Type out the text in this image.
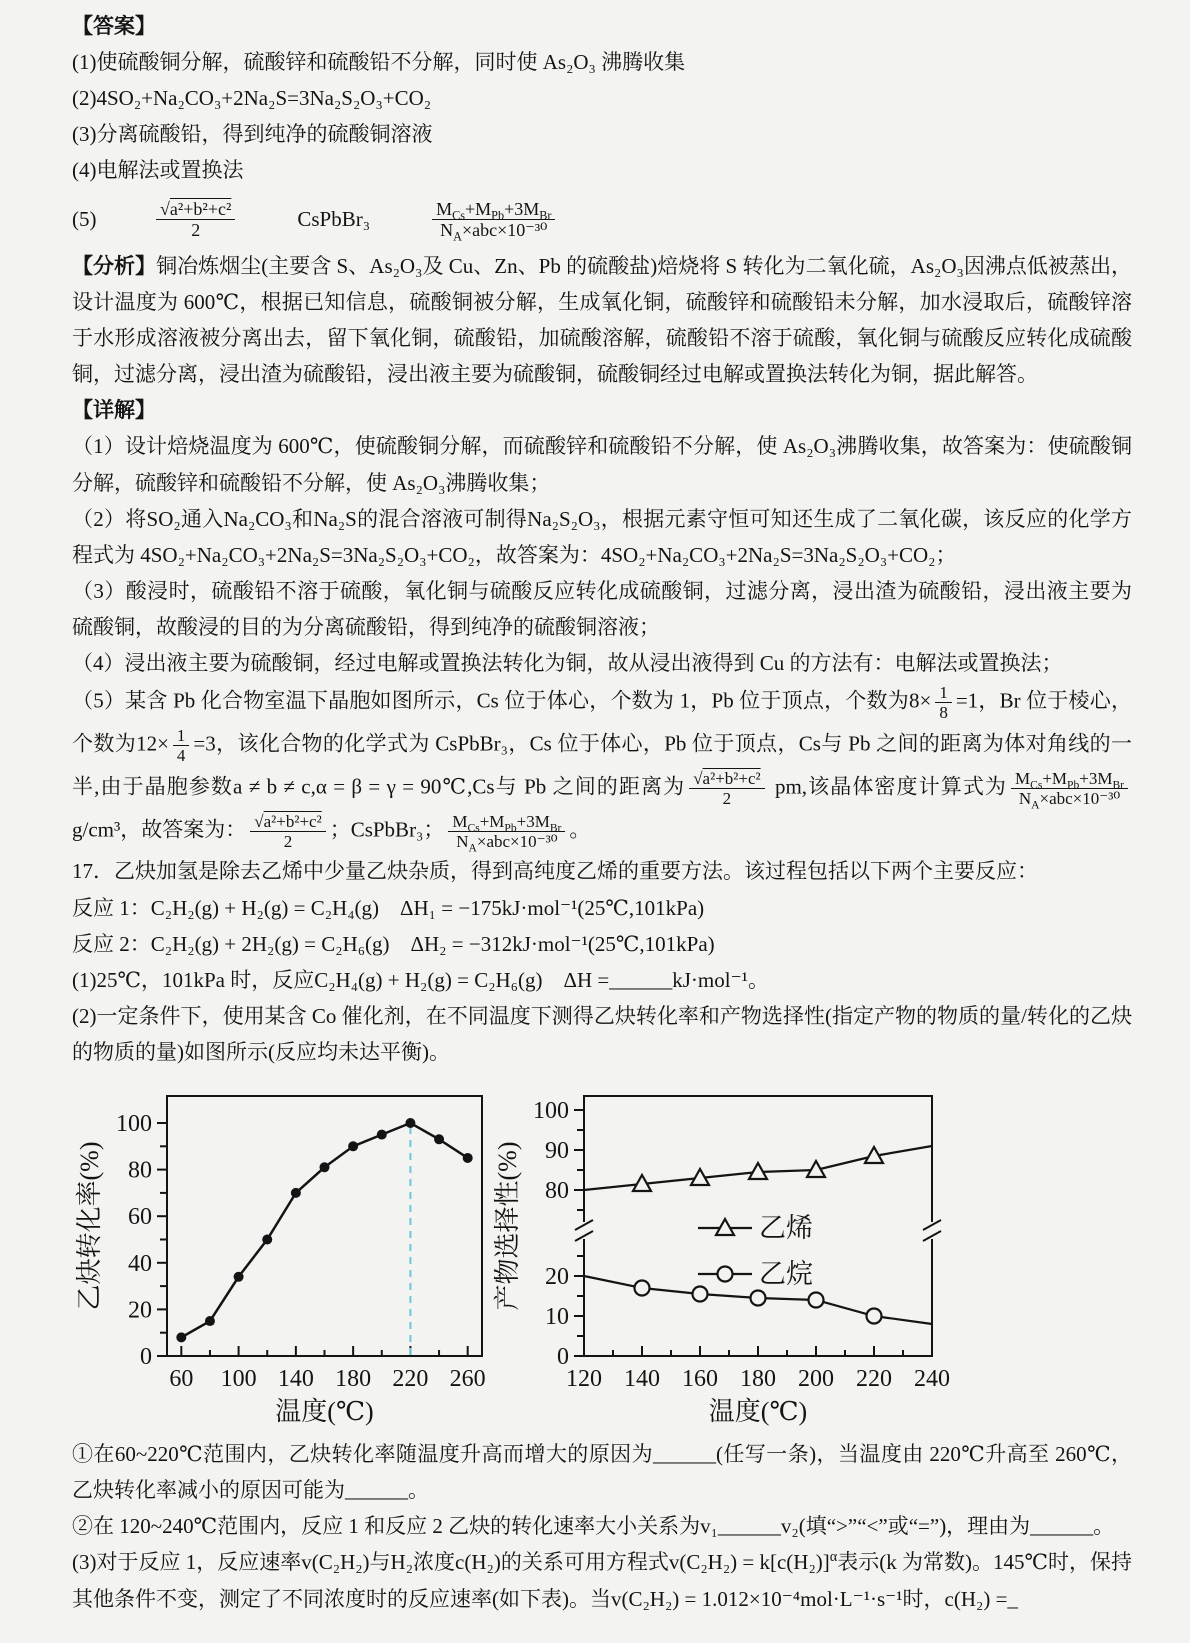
【答案】

(1)使硫酸铜分解，硫酸锌和硫酸铅不分解，同时使 As₂O₃ 沸腾收集

(2)4SO₂+Na₂CO₃+2Na₂S=3Na₂S₂O₃+CO₂

(3)分离硫酸铅，得到纯净的硫酸铜溶液

(4)电解法或置换法

(5)	$\frac{\text{√a²+b²+c²}}{2}$	CsPbBr₃	$\frac{M_{Cs}+M_{Pb}+3M_{Br}}{N_A\times abc\times 10^{-30}}$

【分析】铜冶炼烟尘(主要含 S、As₂O₃及 Cu、Zn、Pb 的硫酸盐)焙烧将 S 转化为二氧化硫，As₂O₃因沸点低被蒸出，设计温度为 600℃，根据已知信息，硫酸铜被分解，生成氧化铜，硫酸锌和硫酸铅未分解，加水浸取后，硫酸锌溶于水形成溶液被分离出去，留下氧化铜，硫酸铅，加硫酸溶解，硫酸铅不溶于硫酸，氧化铜与硫酸反应转化成硫酸铜，过滤分离，浸出渣为硫酸铅，浸出液主要为硫酸铜，硫酸铜经过电解或置换法转化为铜，据此解答。

【详解】

（1）设计焙烧温度为 600℃，使硫酸铜分解，而硫酸锌和硫酸铅不分解，使 As₂O₃沸腾收集，故答案为：使硫酸铜分解，硫酸锌和硫酸铅不分解，使 As₂O₃沸腾收集；

（2）将SO₂通入Na₂CO₃和Na₂S的混合溶液可制得Na₂S₂O₃，根据元素守恒可知还生成了二氧化碳，该反应的化学方程式为 4SO₂+Na₂CO₃+2Na₂S=3Na₂S₂O₃+CO₂，故答案为：4SO₂+Na₂CO₃+2Na₂S=3Na₂S₂O₃+CO₂；

（3）酸浸时，硫酸铅不溶于硫酸，氧化铜与硫酸反应转化成硫酸铜，过滤分离，浸出渣为硫酸铅，浸出液主要为硫酸铜，故酸浸的目的为分离硫酸铅，得到纯净的硫酸铜溶液；

（4）浸出液主要为硫酸铜，经过电解或置换法转化为铜，故从浸出液得到 Cu 的方法有：电解法或置换法；

（5）某含 Pb 化合物室温下晶胞如图所示，Cs 位于体心，个数为 1，Pb 位于顶点，个数为$8\times \frac{1}{8} =1$，Br 位于棱心，个数为$12\times \frac{1}{4} =3$，该化合物的化学式为 CsPbBr₃，Cs 位于体心，Pb 位于顶点，Cs与 Pb 之间的距离为体对角线的一半,由于晶胞参数a ≠ b ≠ c,α = β = γ = 90℃,Cs与 Pb 之间的距离为 $\frac{\text{√a²+b²+c²}}{2}$ pm,该晶体密度计算式为 $\frac{M_{Cs}+M_{Pb}+3M_{Br}}{N_A\times abc\times 10^{-30}}$
g/cm³，故答案为： $\frac{\text{√a²+b²+c²}}{2}$ ；CsPbBr₃； $\frac{M_{Cs}+M_{Pb}+3M_{Br}}{N_A\times abc\times 10^{-30}}$ 。

17．乙炔加氢是除去乙烯中少量乙炔杂质，得到高纯度乙烯的重要方法。该过程包括以下两个主要反应：

反应 1：C₂H₂(g) + H₂(g) = C₂H₄(g)　ΔH₁ = −175kJ·mol⁻¹(25℃,101kPa)

反应 2：C₂H₂(g) + 2H₂(g) = C₂H₆(g)　ΔH₂ = −312kJ·mol⁻¹(25℃,101kPa)

(1)25℃，101kPa 时，反应C₂H₄(g) + H₂(g) = C₂H₆(g)　ΔH =______kJ·mol⁻¹。

(2)一定条件下，使用某含 Co 催化剂，在不同温度下测得乙炔转化率和产物选择性(指定产物的物质的量/转化的乙炔的物质的量)如图所示(反应均未达平衡)。

60 100 140 180 220 260
0
20
40
60
80
100
温度(℃)
乙炔转化率(%)
120 140 160 180 200 220 240
0
10
20
80
90
100
乙烯
乙烷
温度(℃)
产物选择性(%)

①在60~220℃范围内，乙炔转化率随温度升高而增大的原因为______(任写一条)，当温度由 220℃升高至 260℃，乙炔转化率减小的原因可能为______。

②在 120~240℃范围内，反应 1 和反应 2 乙炔的转化速率大小关系为v₁______v₂(填“>”“<”或“=”)，理由为______。

(3)对于反应 1，反应速率v(C₂H₂)与H₂浓度c(H₂)的关系可用方程式$v(C_2H_2) = k[c(H_2)]^\alpha$表示(k 为常数)。145℃时，保持其他条件不变，测定了不同浓度时的反应速率(如下表)。当v(C₂H₂) = 1.012×10⁻⁴mol·L⁻¹·s⁻¹时，c(H₂) =_
